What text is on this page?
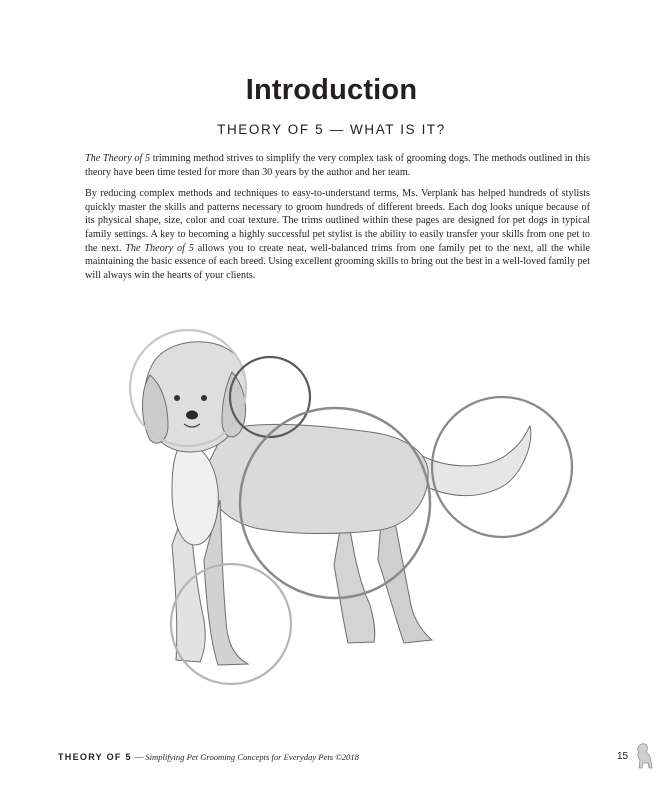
Introduction
THEORY OF 5 — WHAT IS IT?

The Theory of 5 trimming method strives to simplify the very complex task of grooming dogs. The methods outlined in this theory have been time tested for more than 30 years by the author and her team.

By reducing complex methods and techniques to easy-to-understand terms, Ms. Verplank has helped hundreds of stylists quickly master the skills and patterns necessary to groom hundreds of different breeds. Each dog looks unique because of its physical shape, size, color and coat texture. The trims outlined within these pages are designed for pet dogs in typical family settings. A key to becoming a highly successful pet stylist is the ability to easily transfer your skills from one pet to the next. The Theory of 5 allows you to create neat, well-balanced trims from one family pet to the next, all the while maintaining the basic essence of each breed. Using excellent grooming skills to bring out the best in a well-loved family pet will always win the hearts of your clients.

THEORY OF 5 — Simplifying Pet Grooming Concepts for Everyday Pets ©2018	15
